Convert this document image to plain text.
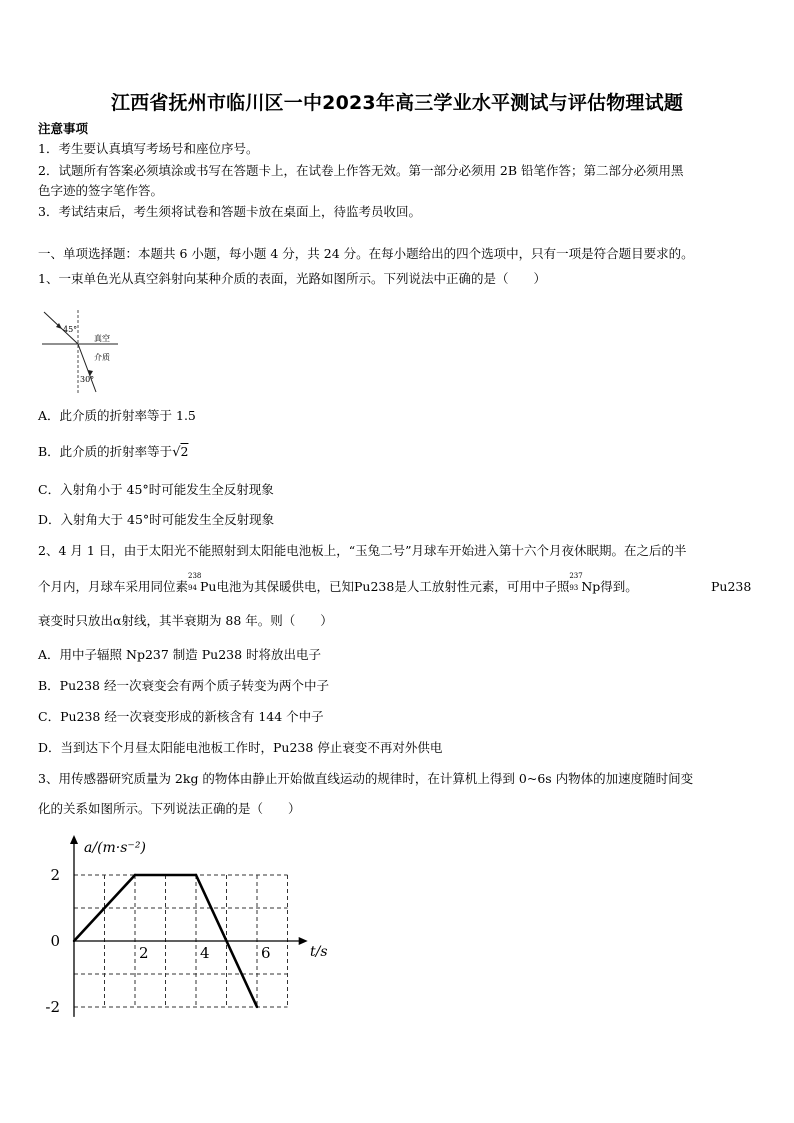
江西省抚州市临川区一中2023年高三学业水平测试与评估物理试题
注意事项
1．考生要认真填写考场号和座位序号。
2．试题所有答案必须填涂或书写在答题卡上，在试卷上作答无效。第一部分必须用 2B 铅笔作答；第二部分必须用黑
色字迹的签字笔作答。
3．考试结束后，考生须将试卷和答题卡放在桌面上，待监考员收回。
一、单项选择题：本题共 6 小题，每小题 4 分，共 24 分。在每小题给出的四个选项中，只有一项是符合题目要求的。
1、一束单色光从真空斜射向某种介质的表面，光路如图所示。下列说法中正确的是（　　）
45°
30°
真空
介质
A．此介质的折射率等于 1.5
B．此介质的折射率等于√2
C．入射角小于 45°时可能发生全反射现象
D．入射角大于 45°时可能发生全反射现象
2、4 月 1 日，由于太阳光不能照射到太阳能电池板上，“玉兔二号”月球车开始进入第十六个月夜休眠期。在之后的半
个月内，月球车采用同位素
238
94 Pu电池为其保暖供电，已知Pu238是人工放射性元素，可用中子照
237
93 Np得到。	Pu238
衰变时只放出α射线，其半衰期为 88 年。则（　　）
A．用中子辐照 Np237 制造 Pu238 时将放出电子
B．Pu238 经一次衰变会有两个质子转变为两个中子
C．Pu238 经一次衰变形成的新核含有 144 个中子
D．当到达下个月昼太阳能电池板工作时，Pu238 停止衰变不再对外供电
3、用传感器研究质量为 2kg 的物体由静止开始做直线运动的规律时，在计算机上得到 0~6s 内物体的加速度随时间变
化的关系如图所示。下列说法正确的是（　　）
2
0
-2
2	4	6
a/(m·s⁻²)
t/s
